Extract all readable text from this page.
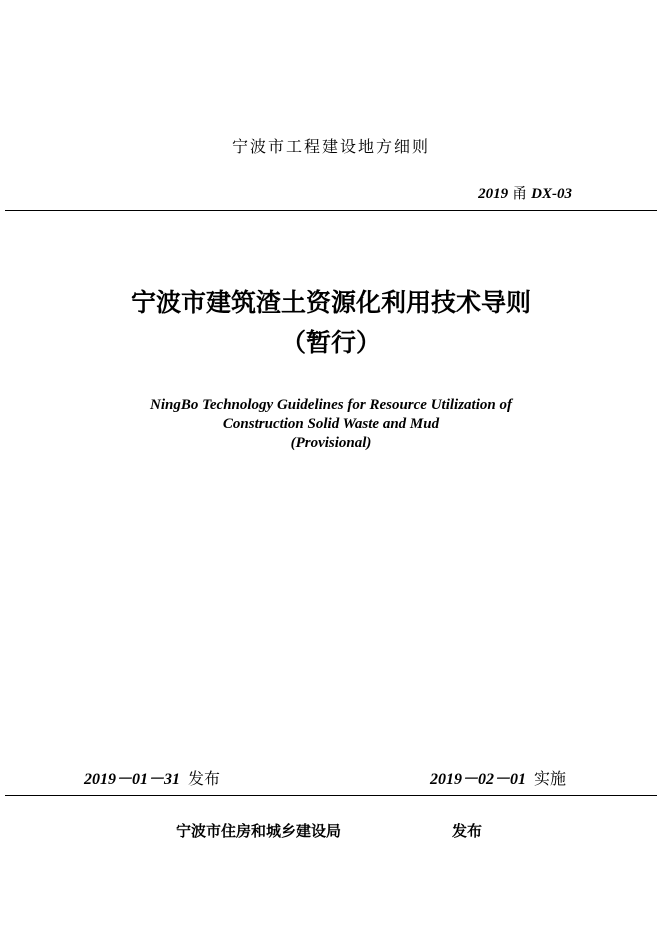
宁波市工程建设地方细则
2019 甬 DX-03
宁波市建筑渣土资源化利用技术导则
（暂行）
NingBo Technology Guidelines for Resource Utilization of
Construction Solid Waste and Mud
(Provisional)
2019－01－31 发布	2019－02－01 实施
宁波市住房和城乡建设局	发布
